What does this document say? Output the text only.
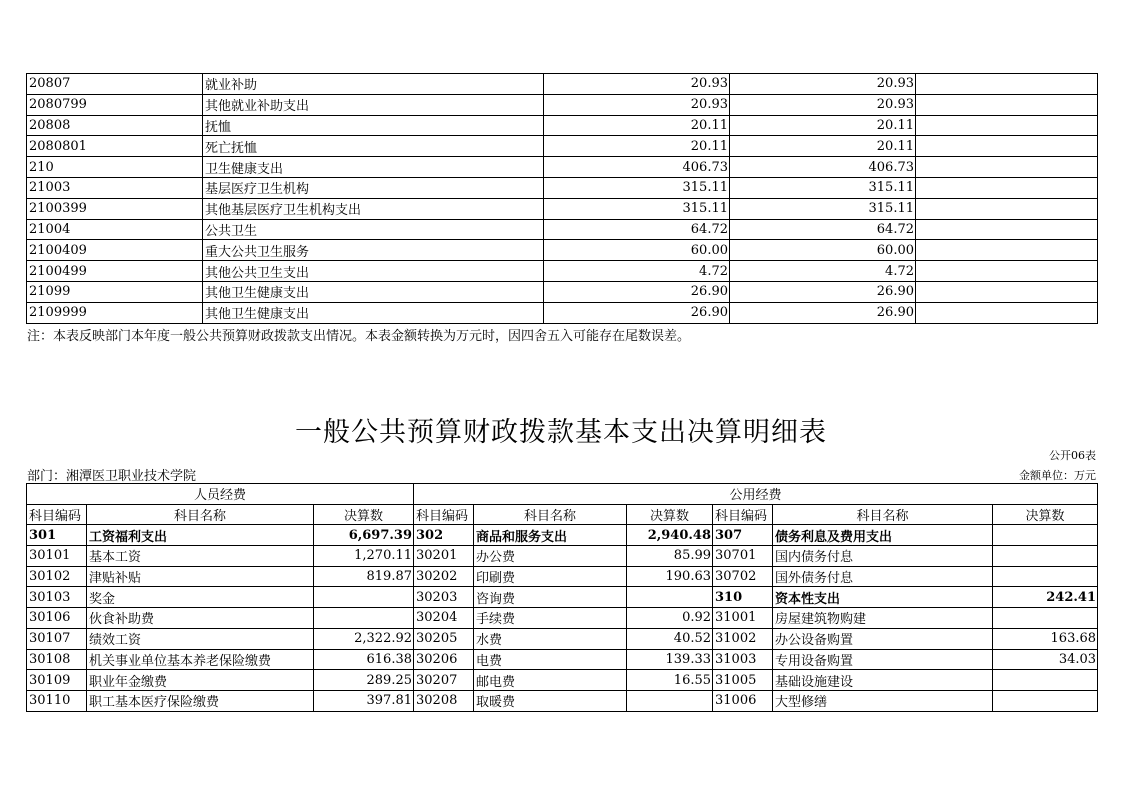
20807	就业补助	20.93	20.93	
2080799	其他就业补助支出	20.93	20.93	
20808	抚恤	20.11	20.11	
2080801	死亡抚恤	20.11	20.11	
210	卫生健康支出	406.73	406.73	
21003	基层医疗卫生机构	315.11	315.11	
2100399	其他基层医疗卫生机构支出	315.11	315.11	
21004	公共卫生	64.72	64.72	
2100409	重大公共卫生服务	60.00	60.00	
2100499	其他公共卫生支出	4.72	4.72	
21099	其他卫生健康支出	26.90	26.90	
2109999	其他卫生健康支出	26.90	26.90	
注：本表反映部门本年度一般公共预算财政拨款支出情况。本表金额转换为万元时，因四舍五入可能存在尾数误差。
一般公共预算财政拨款基本支出决算明细表
公开06表
部门：湘潭医卫职业技术学院	金额单位：万元
人员经费			公用经费					
科目编码	科目名称	决算数	科目编码	科目名称	决算数	科目编码	科目名称	决算数
301	工资福利支出	6,697.39	302	商品和服务支出	2,940.48	307	债务利息及费用支出	
30101	基本工资	1,270.11	30201	办公费	85.99	30701	国内债务付息	
30102	津贴补贴	819.87	30202	印刷费	190.63	30702	国外债务付息	
30103	奖金		30203	咨询费		310	资本性支出	242.41
30106	伙食补助费		30204	手续费	0.92	31001	房屋建筑物购建	
30107	绩效工资	2,322.92	30205	水费	40.52	31002	办公设备购置	163.68
30108	机关事业单位基本养老保险缴费	616.38	30206	电费	139.33	31003	专用设备购置	34.03
30109	职业年金缴费	289.25	30207	邮电费	16.55	31005	基础设施建设	
30110	职工基本医疗保险缴费	397.81	30208	取暖费		31006	大型修缮	
